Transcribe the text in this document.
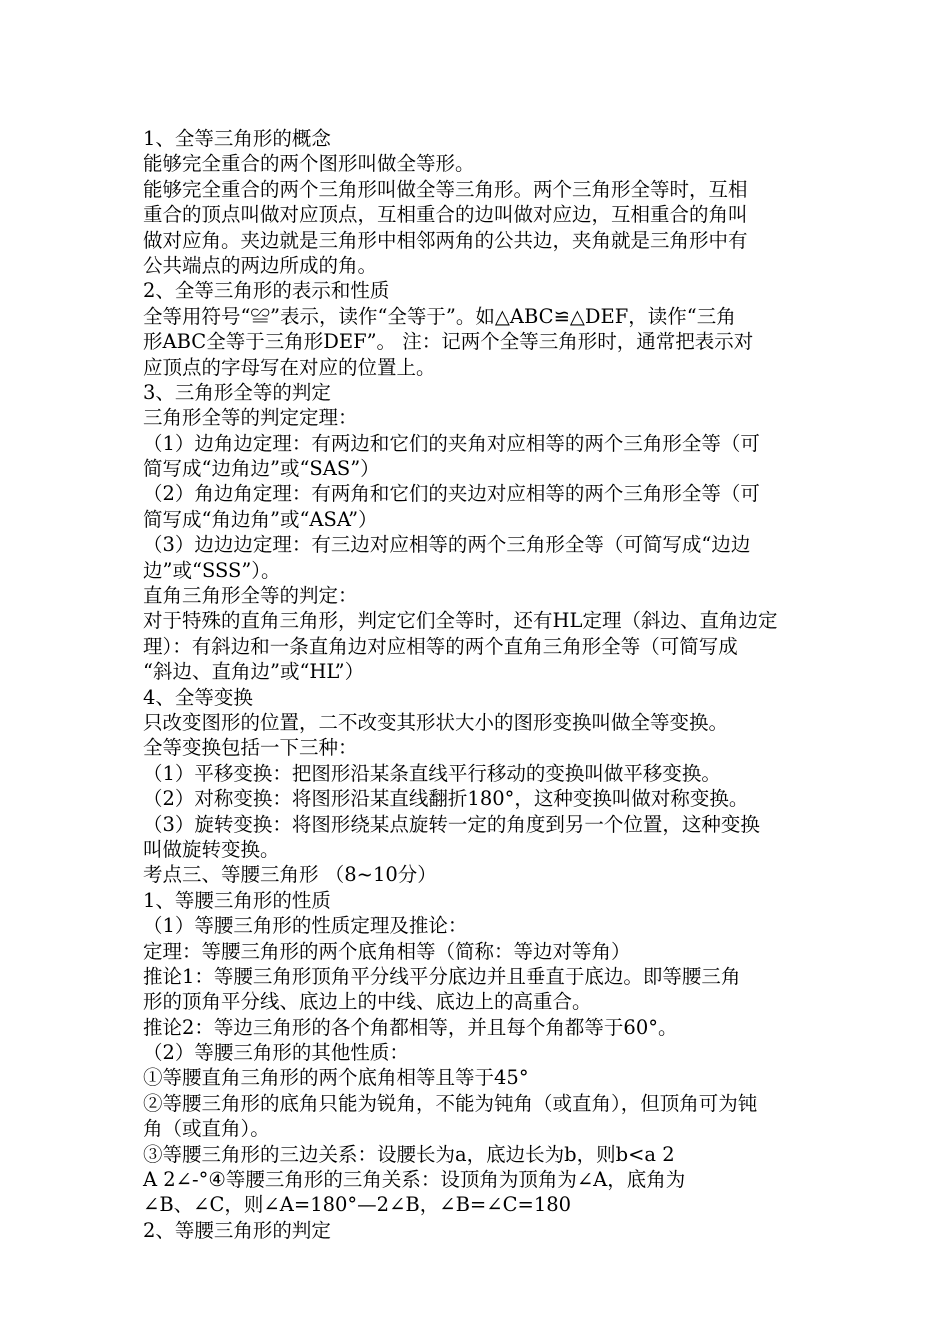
1、全等三角形的概念
能够完全重合的两个图形叫做全等形。
能够完全重合的两个三角形叫做全等三角形。两个三角形全等时，互相
重合的顶点叫做对应顶点，互相重合的边叫做对应边，互相重合的角叫
做对应角。夹边就是三角形中相邻两角的公共边，夹角就是三角形中有
公共端点的两边所成的角。
2、全等三角形的表示和性质
全等用符号“≌”表示，读作“全等于”。如△ABC≌△DEF，读作“三角
形ABC全等于三角形DEF”。 注：记两个全等三角形时，通常把表示对
应顶点的字母写在对应的位置上。
3、三角形全等的判定
三角形全等的判定定理：
（1）边角边定理：有两边和它们的夹角对应相等的两个三角形全等（可
简写成“边角边”或“SAS”）
（2）角边角定理：有两角和它们的夹边对应相等的两个三角形全等（可
简写成“角边角”或“ASA”）
（3）边边边定理：有三边对应相等的两个三角形全等（可简写成“边边
边”或“SSS”）。
直角三角形全等的判定：
对于特殊的直角三角形，判定它们全等时，还有HL定理（斜边、直角边定
理）：有斜边和一条直角边对应相等的两个直角三角形全等（可简写成
“斜边、直角边”或“HL”）
4、全等变换
只改变图形的位置，二不改变其形状大小的图形变换叫做全等变换。
全等变换包括一下三种：
（1）平移变换：把图形沿某条直线平行移动的变换叫做平移变换。
（2）对称变换：将图形沿某直线翻折180°，这种变换叫做对称变换。
（3）旋转变换：将图形绕某点旋转一定的角度到另一个位置，这种变换
叫做旋转变换。
考点三、等腰三角形 （8~10分）
1、等腰三角形的性质
（1）等腰三角形的性质定理及推论：
定理：等腰三角形的两个底角相等（简称：等边对等角）
推论1：等腰三角形顶角平分线平分底边并且垂直于底边。即等腰三角
形的顶角平分线、底边上的中线、底边上的高重合。
推论2：等边三角形的各个角都相等，并且每个角都等于60°。
（2）等腰三角形的其他性质：
①等腰直角三角形的两个底角相等且等于45°
②等腰三角形的底角只能为锐角，不能为钝角（或直角），但顶角可为钝
角（或直角）。
③等腰三角形的三边关系：设腰长为a，底边长为b，则b<a 2
A 2∠-°④等腰三角形的三角关系：设顶角为顶角为∠A，底角为
∠B、∠C，则∠A=180°—2∠B，∠B=∠C=180
2、等腰三角形的判定
